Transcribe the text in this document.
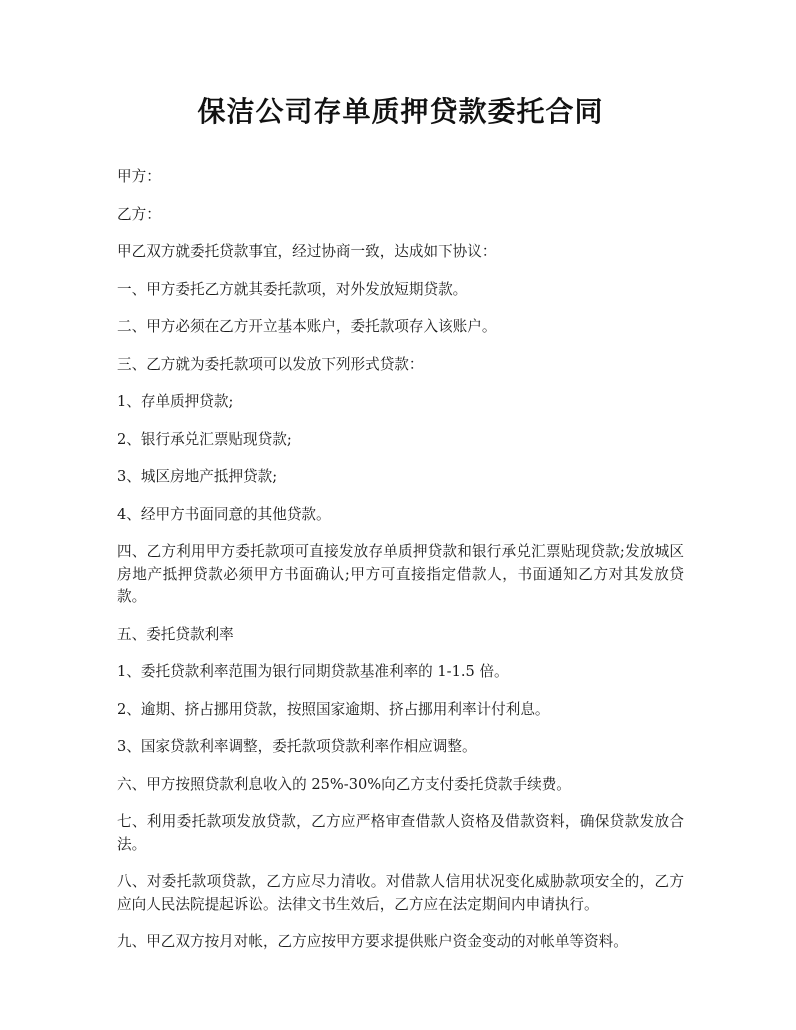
保洁公司存单质押贷款委托合同

甲方：

乙方：

甲乙双方就委托贷款事宜，经过协商一致，达成如下协议：

一、甲方委托乙方就其委托款项，对外发放短期贷款。

二、甲方必须在乙方开立基本账户，委托款项存入该账户。

三、乙方就为委托款项可以发放下列形式贷款：

1、存单质押贷款;

2、银行承兑汇票贴现贷款;

3、城区房地产抵押贷款;

4、经甲方书面同意的其他贷款。

四、乙方利用甲方委托款项可直接发放存单质押贷款和银行承兑汇票贴现贷款;发放城区房地产抵押贷款必须甲方书面确认;甲方可直接指定借款人，书面通知乙方对其发放贷款。

五、委托贷款利率

1、委托贷款利率范围为银行同期贷款基准利率的 1-1.5 倍。

2、逾期、挤占挪用贷款，按照国家逾期、挤占挪用利率计付利息。

3、国家贷款利率调整，委托款项贷款利率作相应调整。

六、甲方按照贷款利息收入的 25%-30%向乙方支付委托贷款手续费。

七、利用委托款项发放贷款，乙方应严格审查借款人资格及借款资料，确保贷款发放合法。

八、对委托款项贷款，乙方应尽力清收。对借款人信用状况变化威胁款项安全的，乙方应向人民法院提起诉讼。法律文书生效后，乙方应在法定期间内申请执行。

九、甲乙双方按月对帐，乙方应按甲方要求提供账户资金变动的对帐单等资料。
